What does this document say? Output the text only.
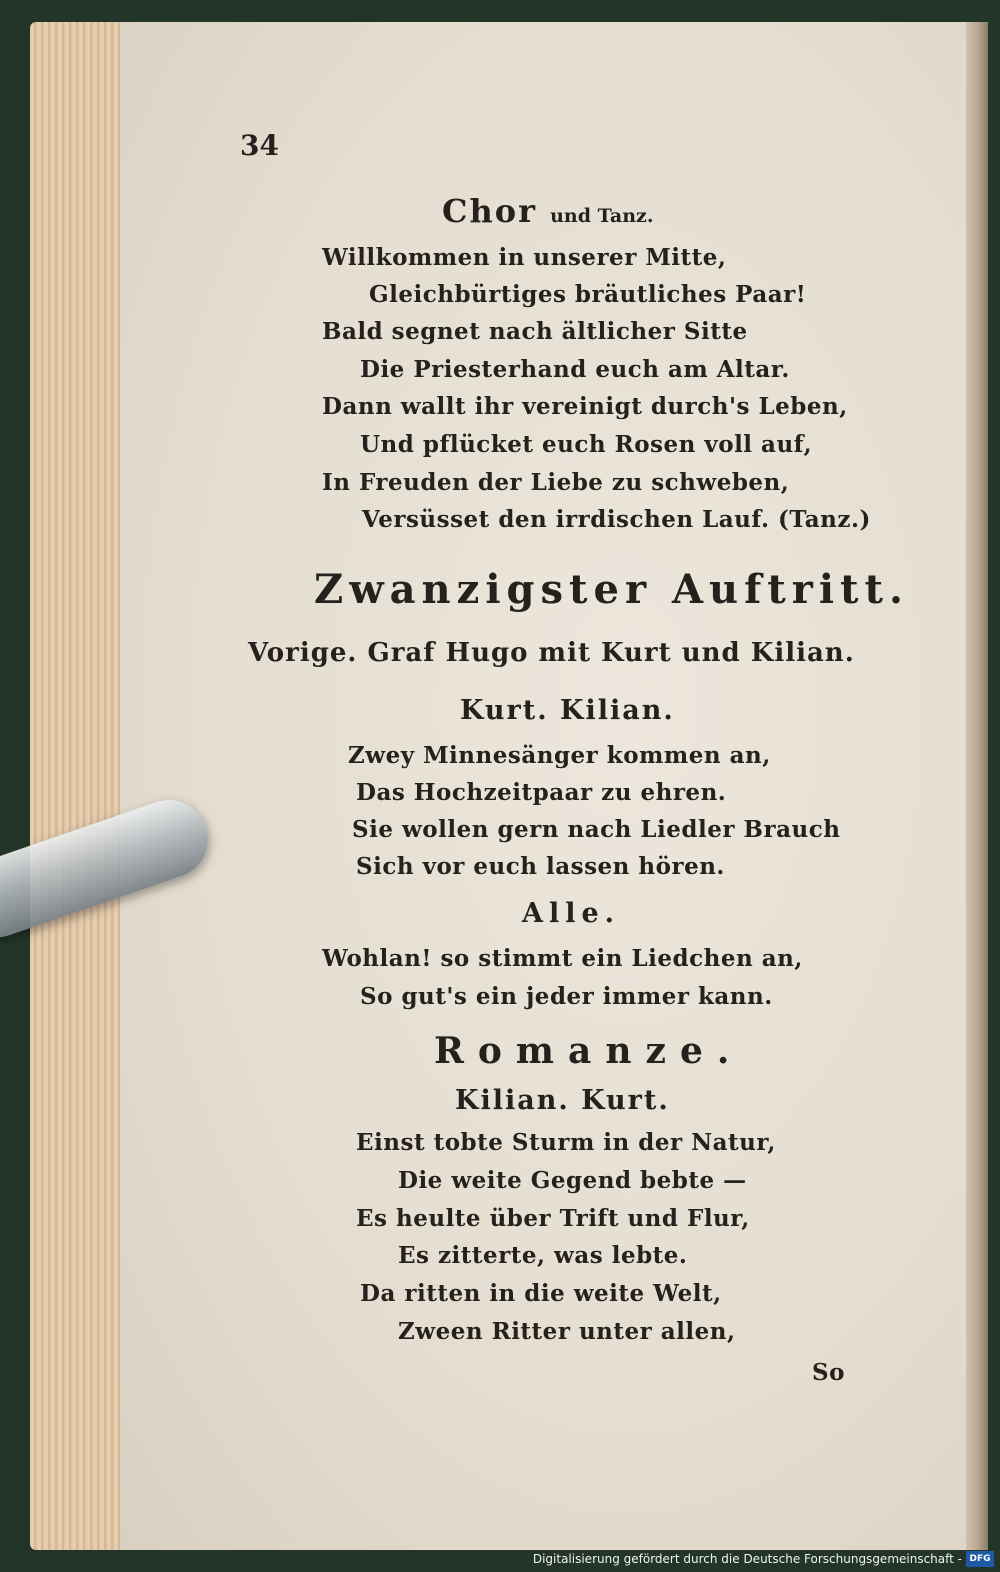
34
Chor und Tanz.
Willkommen in unserer Mitte,
Gleichbürtiges bräutliches Paar!
Bald segnet nach ältlicher Sitte
Die Priesterhand euch am Altar.
Dann wallt ihr vereinigt durch's Leben,
Und pflücket euch Rosen voll auf,
In Freuden der Liebe zu schweben,
Versüsset den irrdischen Lauf. (Tanz.)
Zwanzigster Auftritt.
Vorige. Graf Hugo mit Kurt und Kilian.
Kurt. Kilian.
Zwey Minnesänger kommen an,
Das Hochzeitpaar zu ehren.
Sie wollen gern nach Liedler Brauch
Sich vor euch lassen hören.
Alle.
Wohlan! so stimmt ein Liedchen an,
So gut's ein jeder immer kann.
Romanze.
Kilian. Kurt.
Einst tobte Sturm in der Natur,
Die weite Gegend bebte —
Es heulte über Trift und Flur,
Es zitterte, was lebte.
Da ritten in die weite Welt,
Zween Ritter unter allen,
So
Digitalisierung gefördert durch die Deutsche Forschungsgemeinschaft - DFG
